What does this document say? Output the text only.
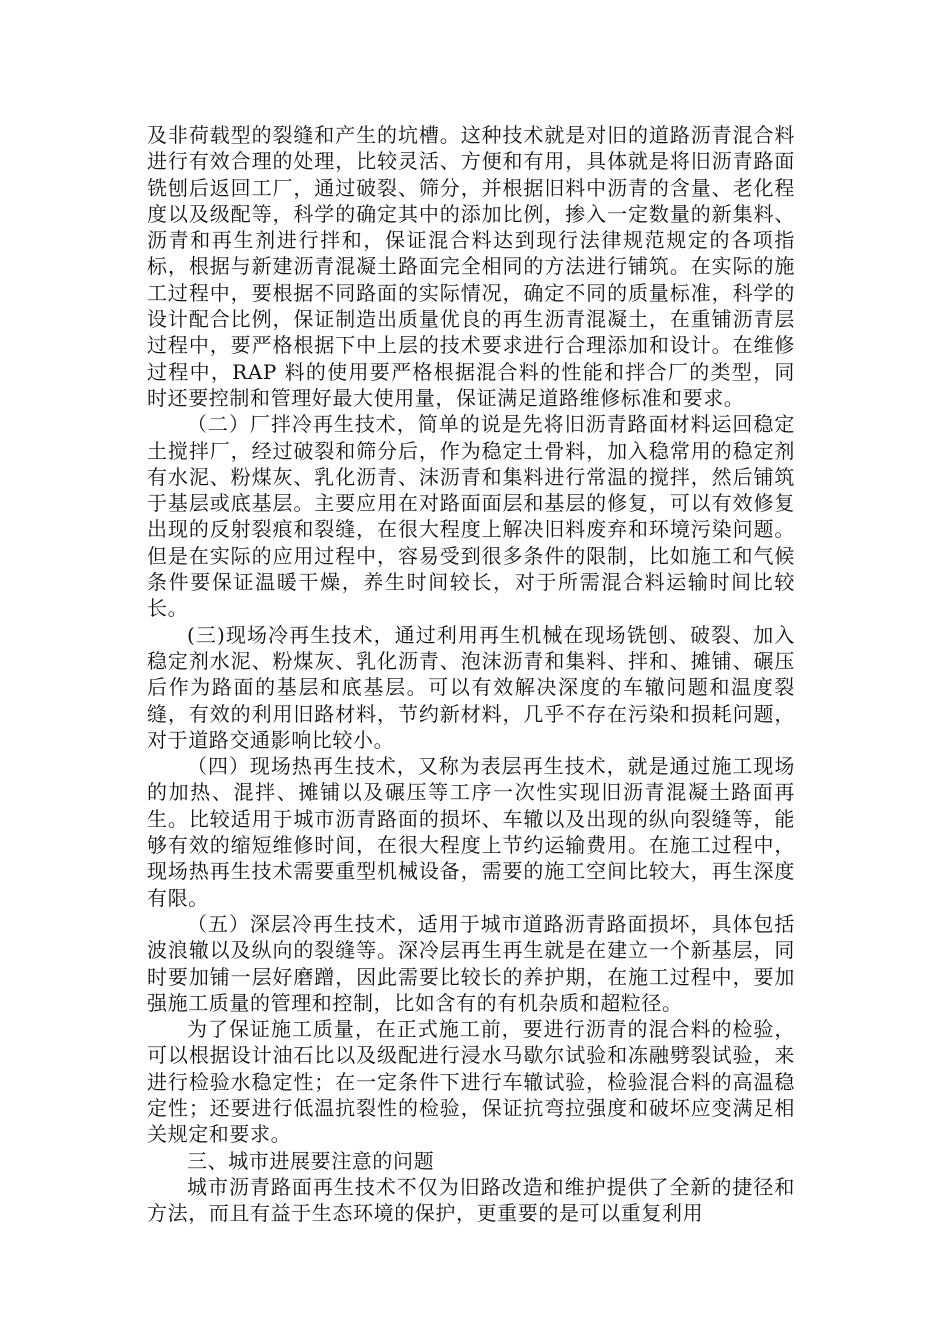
及非荷载型的裂缝和产生的坑槽。这种技术就是对旧的道路沥青混合料进行有效合理的处理，比较灵活、方便和有用，具体就是将旧沥青路面铣刨后返回工厂，通过破裂、筛分，并根据旧料中沥青的含量、老化程度以及级配等，科学的确定其中的添加比例，掺入一定数量的新集料、沥青和再生剂进行拌和，保证混合料达到现行法律规范规定的各项指标，根据与新建沥青混凝土路面完全相同的方法进行铺筑。在实际的施工过程中，要根据不同路面的实际情况，确定不同的质量标准，科学的设计配合比例，保证制造出质量优良的再生沥青混凝土，在重铺沥青层过程中，要严格根据下中上层的技术要求进行合理添加和设计。在维修过程中，RAP 料的使用要严格根据混合料的性能和拌合厂的类型，同时还要控制和管理好最大使用量，保证满足道路维修标准和要求。

（二）厂拌冷再生技术，简单的说是先将旧沥青路面材料运回稳定土搅拌厂，经过破裂和筛分后，作为稳定土骨料，加入稳常用的稳定剂有水泥、粉煤灰、乳化沥青、沫沥青和集料进行常温的搅拌，然后铺筑于基层或底基层。主要应用在对路面面层和基层的修复，可以有效修复出现的反射裂痕和裂缝，在很大程度上解决旧料废弃和环境污染问题。但是在实际的应用过程中，容易受到很多条件的限制，比如施工和气候条件要保证温暖干燥，养生时间较长，对于所需混合料运输时间比较长。

(三)现场冷再生技术，通过利用再生机械在现场铣刨、破裂、加入稳定剂水泥、粉煤灰、乳化沥青、泡沫沥青和集料、拌和、摊铺、碾压后作为路面的基层和底基层。可以有效解决深度的车辙问题和温度裂缝，有效的利用旧路材料，节约新材料，几乎不存在污染和损耗问题，对于道路交通影响比较小。

（四）现场热再生技术，又称为表层再生技术，就是通过施工现场的加热、混拌、摊铺以及碾压等工序一次性实现旧沥青混凝土路面再生。比较适用于城市沥青路面的损坏、车辙以及出现的纵向裂缝等，能够有效的缩短维修时间，在很大程度上节约运输费用。在施工过程中，现场热再生技术需要重型机械设备，需要的施工空间比较大，再生深度有限。

（五）深层冷再生技术，适用于城市道路沥青路面损坏，具体包括波浪辙以及纵向的裂缝等。深冷层再生再生就是在建立一个新基层，同时要加铺一层好磨蹭，因此需要比较长的养护期，在施工过程中，要加强施工质量的管理和控制，比如含有的有机杂质和超粒径。

为了保证施工质量，在正式施工前，要进行沥青的混合料的检验，可以根据设计油石比以及级配进行浸水马歇尔试验和冻融劈裂试验，来进行检验水稳定性；在一定条件下进行车辙试验，检验混合料的高温稳定性；还要进行低温抗裂性的检验，保证抗弯拉强度和破坏应变满足相关规定和要求。

三、城市进展要注意的问题

城市沥青路面再生技术不仅为旧路改造和维护提供了全新的捷径和方法，而且有益于生态环境的保护，更重要的是可以重复利用
